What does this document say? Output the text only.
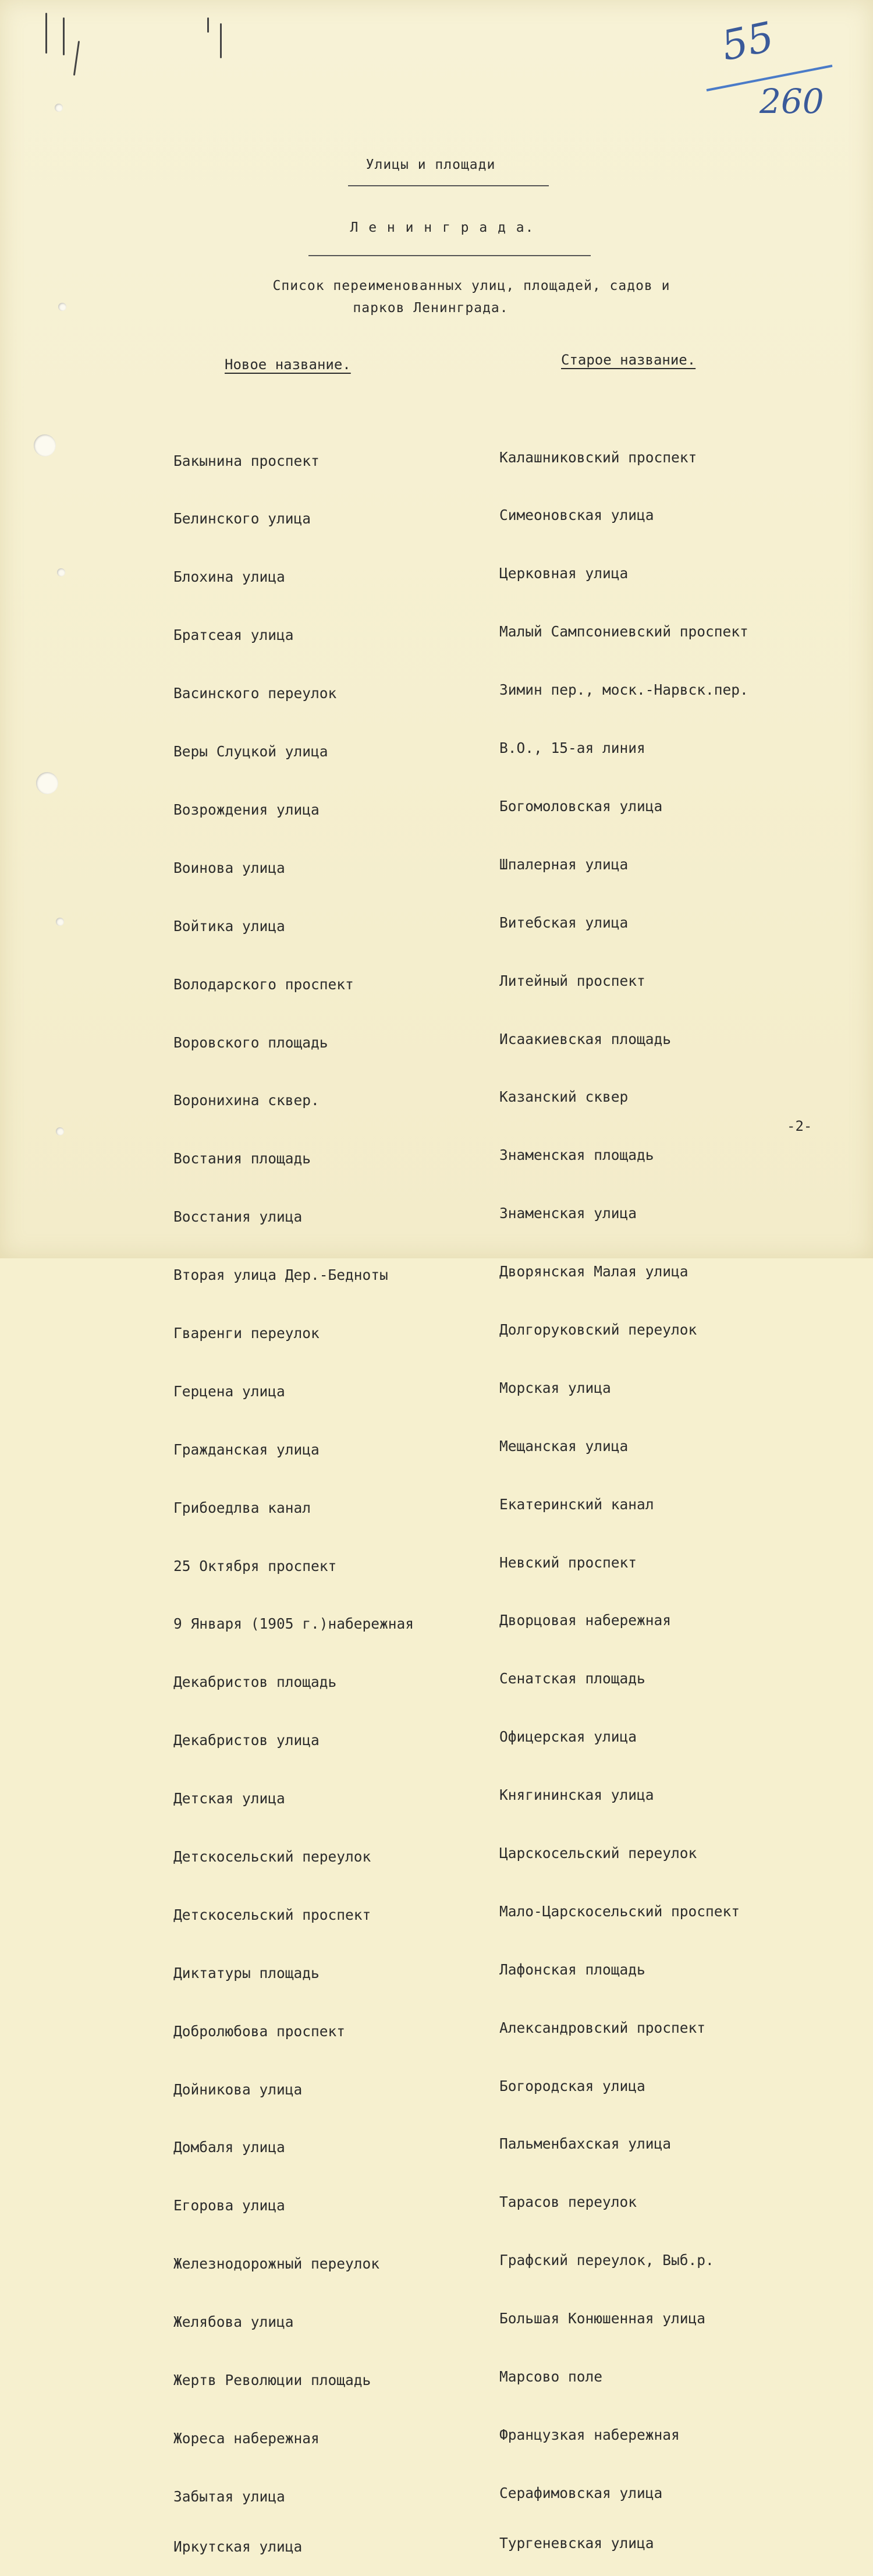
55
260
Улицы и площади
Л е н и н г р а д а.
Список переименованных улиц, площадей, садов и
парков Ленинграда.
Новое название.	Старое название.

Бакынина проспект

Белинского улица

Блохина улица

Братсеая улица

Васинского переулок

Веры Слуцкой улица

Возрождения улица

Воинова улица

Войтика улица

Володарского проспект

Воровского площадь

Воронихина сквер.

Востания площадь

Восстания улица

Вторая улица Дер.-Бедноты

Гваренги переулок

Герцена улица

Гражданская улица

Грибоедлва канал

25 Октября проспект

9 Января (1905 г.)набережная

Декабристов площадь

Декабристов улица

Детская улица

Детскосельский переулок

Детскосельский проспект

Диктатуры площадь

Добролюбова проспект

Дойникова улица

Домбаля улица

Егорова улица

Железнодорожный переулок

Желябова улица

Жертв Революции площадь

Жореса набережная

Забытая улица

Иркутская улица

Калашниковский проспект

Симеоновская улица

Церковная улица

Малый Сампсониевский проспект

Зимин пер., моск.-Нарвск.пер.

В.О., 15-ая линия

Богомоловская улица

Шпалерная улица

Витебская улица

Литейный проспект

Исаакиевская площадь

Казанский сквер

Знаменская площадь

Знаменская улица

Дворянская Малая улица

Долгоруковский переулок

Морская улица

Мещанская улица

Екатеринский канал

Невский проспект

Дворцовая набережная

Сенатская площадь

Офицерская улица

Княгининская улица

Царскосельский переулок

Мало-Царскосельский проспект

Лафонская площадь

Александровский проспект

Богородская улица

Пальменбахская улица

Тарасов переулок

Графский переулок, Выб.р.

Большая Конюшенная улица

Марсово поле

Французкая набережная

Серафимовская улица

Тургеневская улица

-2-
